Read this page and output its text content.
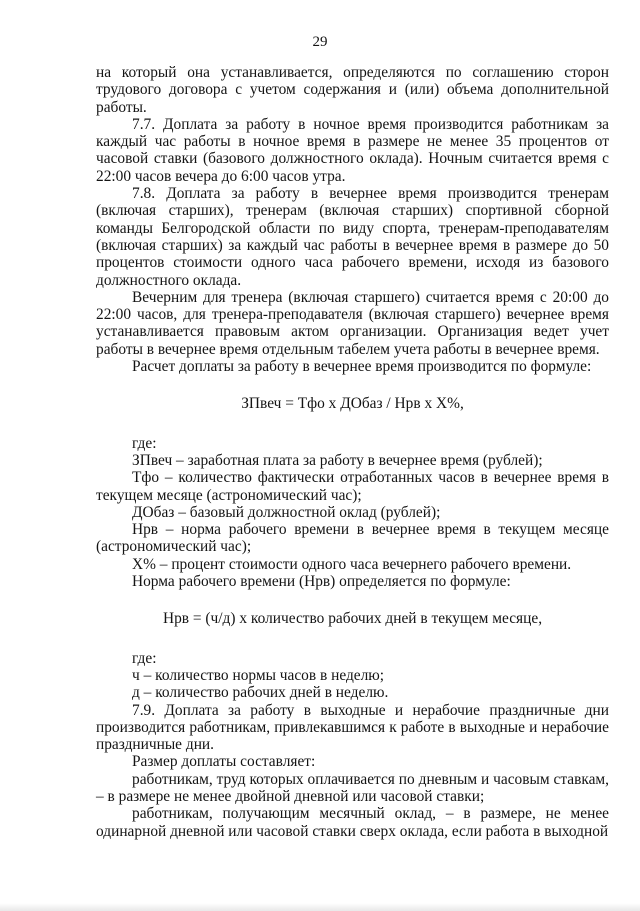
29

на который она устанавливается, определяются по соглашению сторон трудового договора с учетом содержания и (или) объема дополнительной работы.

7.7. Доплата за работу в ночное время производится работникам за каждый час работы в ночное время в размере не менее 35 процентов от часовой ставки (базового должностного оклада). Ночным считается время с 22:00 часов вечера до 6:00 часов утра.

7.8. Доплата за работу в вечернее время производится тренерам (включая старших), тренерам (включая старших) спортивной сборной команды Белгородской области по виду спорта, тренерам-преподавателям (включая старших) за каждый час работы в вечернее время в размере до 50 процентов стоимости одного часа рабочего времени, исходя из базового должностного оклада.

Вечерним для тренера (включая старшего) считается время с 20:00 до 22:00 часов, для тренера-преподавателя (включая старшего) вечернее время устанавливается правовым актом организации. Организация ведет учет работы в вечернее время отдельным табелем учета работы в вечернее время.

Расчет доплаты за работу в вечернее время производится по формуле:

ЗПвеч = Тфо х ДОбаз / Нрв х Х%,

где:

ЗПвеч – заработная плата за работу в вечернее время (рублей);

Тфо – количество фактически отработанных часов в вечернее время в текущем месяце (астрономический час);

ДОбаз – базовый должностной оклад (рублей);

Нрв – норма рабочего времени в вечернее время в текущем месяце (астрономический час);

Х% – процент стоимости одного часа вечернего рабочего времени.

Норма рабочего времени (Нрв) определяется по формуле:

Нрв = (ч/д) х количество рабочих дней в текущем месяце,

где:

ч – количество нормы часов в неделю;

д – количество рабочих дней в неделю.

7.9. Доплата за работу в выходные и нерабочие праздничные дни производится работникам, привлекавшимся к работе в выходные и нерабочие праздничные дни.

Размер доплаты составляет:

работникам, труд которых оплачивается по дневным и часовым ставкам, – в размере не менее двойной дневной или часовой ставки;

работникам, получающим месячный оклад, – в размере, не менее одинарной дневной или часовой ставки сверх оклада, если работа в выходной
